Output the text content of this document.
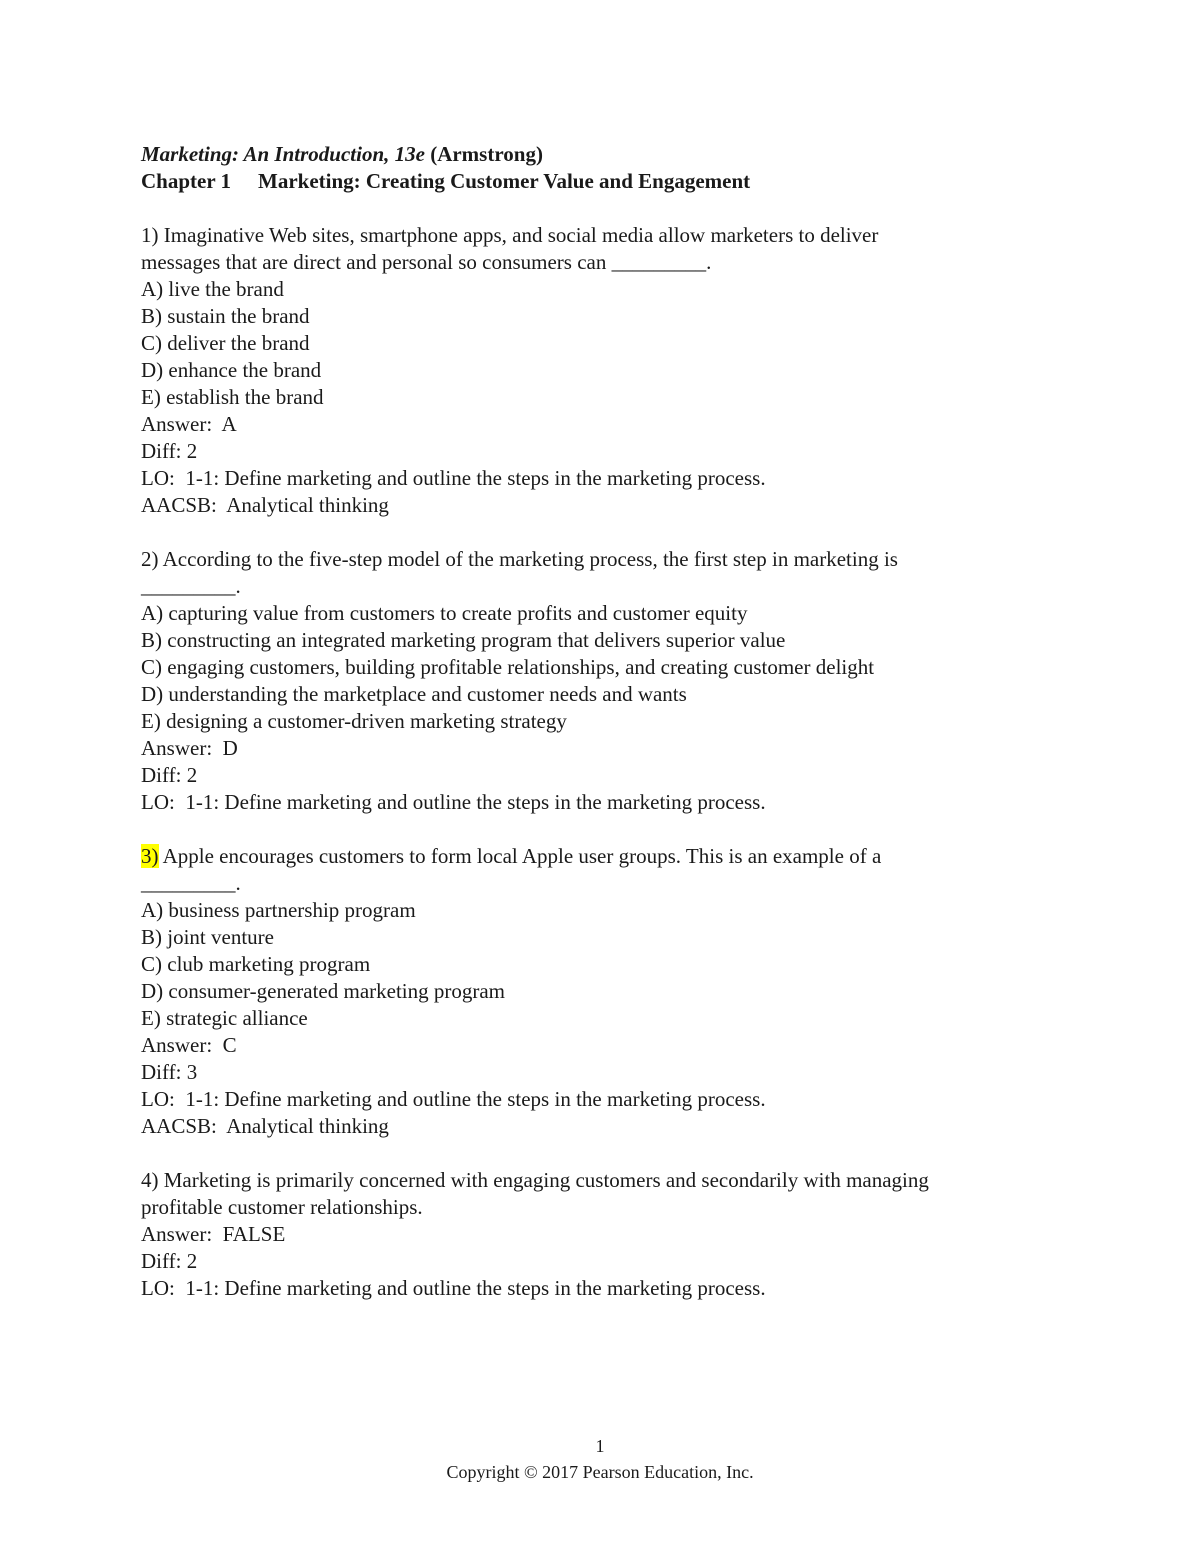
Marketing: An Introduction, 13e (Armstrong)
Chapter 1 Marketing: Creating Customer Value and Engagement
1) Imaginative Web sites, smartphone apps, and social media allow marketers to deliver
messages that are direct and personal so consumers can _________.
A) live the brand
B) sustain the brand
C) deliver the brand
D) enhance the brand
E) establish the brand
Answer:  A
Diff: 2
LO:  1-1: Define marketing and outline the steps in the marketing process.
AACSB:  Analytical thinking
2) According to the five-step model of the marketing process, the first step in marketing is
_________.
A) capturing value from customers to create profits and customer equity
B) constructing an integrated marketing program that delivers superior value
C) engaging customers, building profitable relationships, and creating customer delight
D) understanding the marketplace and customer needs and wants
E) designing a customer-driven marketing strategy
Answer:  D
Diff: 2
LO:  1-1: Define marketing and outline the steps in the marketing process.
3) Apple encourages customers to form local Apple user groups. This is an example of a
_________.
A) business partnership program
B) joint venture
C) club marketing program
D) consumer-generated marketing program
E) strategic alliance
Answer:  C
Diff: 3
LO:  1-1: Define marketing and outline the steps in the marketing process.
AACSB:  Analytical thinking
4) Marketing is primarily concerned with engaging customers and secondarily with managing
profitable customer relationships.
Answer:  FALSE
Diff: 2
LO:  1-1: Define marketing and outline the steps in the marketing process.
1
Copyright © 2017 Pearson Education, Inc.
